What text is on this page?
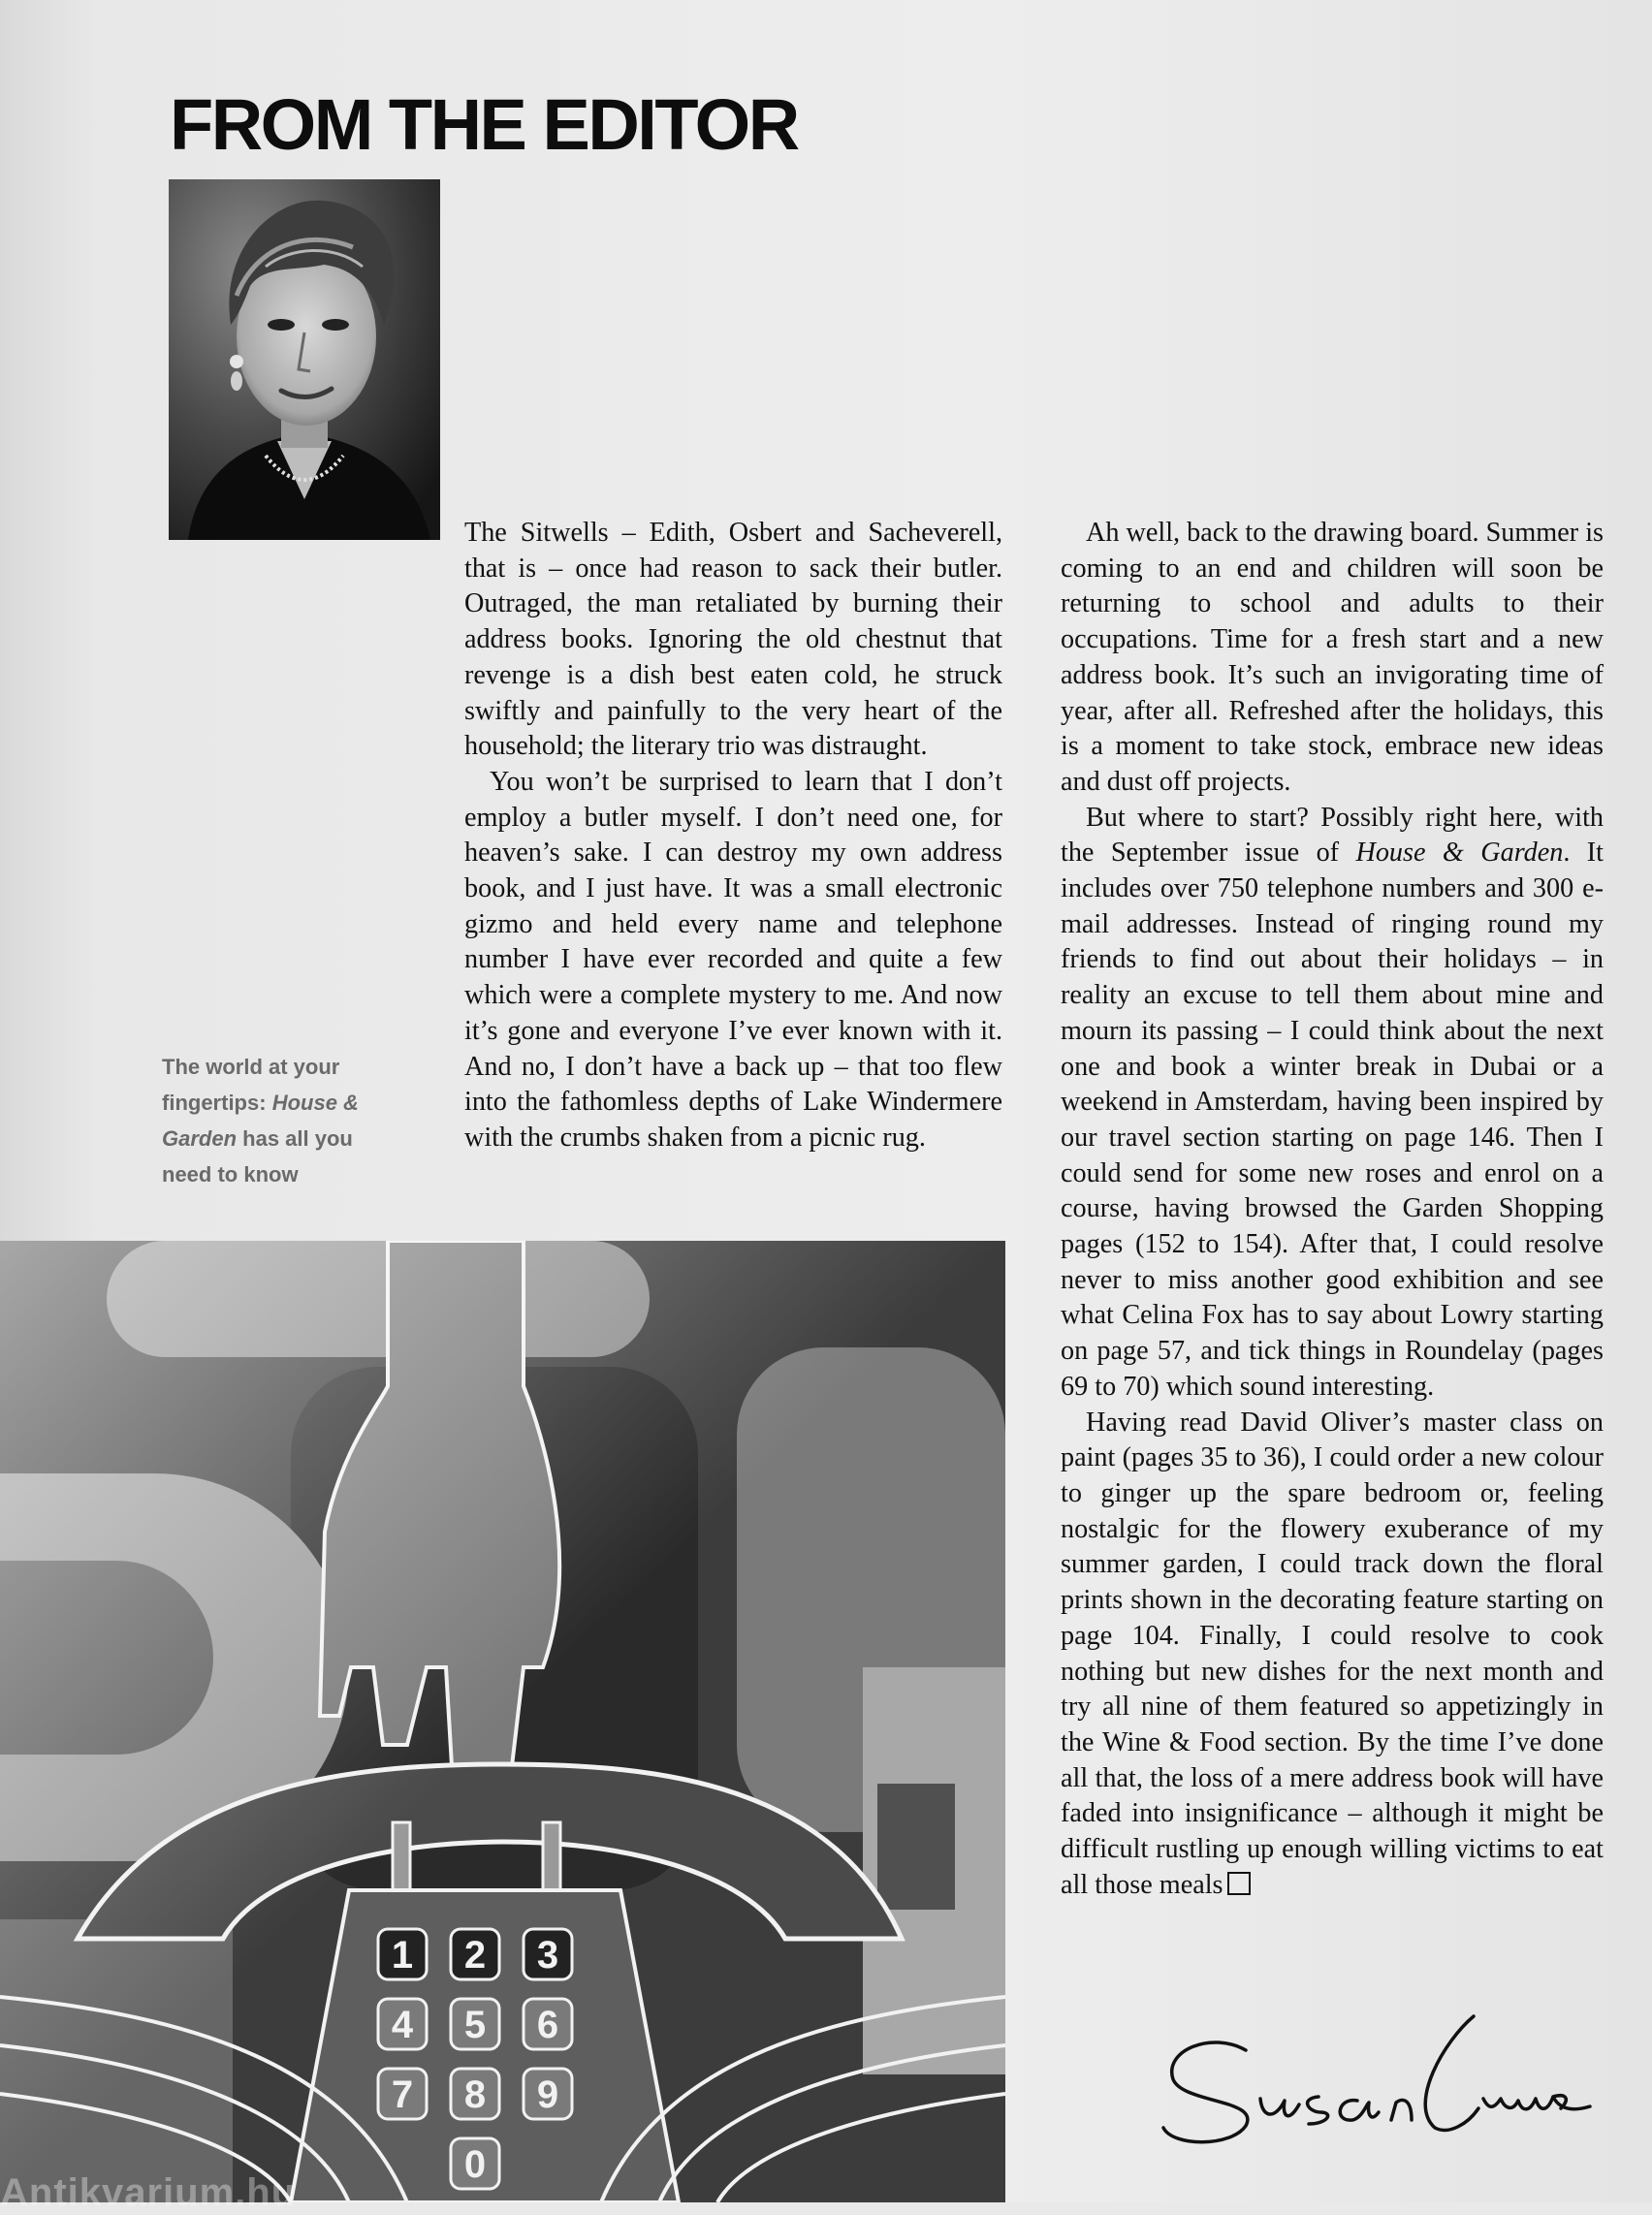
FROM THE EDITOR

The world at your fingertips: House & Garden has all you need to know

The Sitwells – Edith, Osbert and Sacheverell, that is – once had reason to sack their butler. Outraged, the man retaliated by burning their address books. Ignoring the old chestnut that revenge is a dish best eaten cold, he struck swiftly and painfully to the very heart of the household; the literary trio was distraught.

You won’t be surprised to learn that I don’t employ a butler myself. I don’t need one, for heaven’s sake. I can destroy my own address book, and I just have. It was a small electronic gizmo and held every name and telephone number I have ever recorded and quite a few which were a complete mystery to me. And now it’s gone and everyone I’ve ever known with it. And no, I don’t have a back up – that too flew into the fathomless depths of Lake Windermere with the crumbs shaken from a picnic rug.

Ah well, back to the drawing board. Summer is coming to an end and children will soon be returning to school and adults to their occupations. Time for a fresh start and a new address book. It’s such an invigorating time of year, after all. Refreshed after the holidays, this is a moment to take stock, embrace new ideas and dust off projects.

But where to start? Possibly right here, with the September issue of House & Garden. It includes over 750 telephone numbers and 300 e-mail addresses. Instead of ringing round my friends to find out about their holidays – in reality an excuse to tell them about mine and mourn its passing – I could think about the next one and book a winter break in Dubai or a weekend in Amsterdam, having been inspired by our travel section starting on page 146. Then I could send for some new roses and enrol on a course, having browsed the Garden Shopping pages (152 to 154). After that, I could resolve never to miss another good exhibition and see what Celina Fox has to say about Lowry starting on page 57, and tick things in Roundelay (pages 69 to 70) which sound interesting.

Having read David Oliver’s master class on paint (pages 35 to 36), I could order a new colour to ginger up the spare bedroom or, feeling nostalgic for the flowery exuberance of my summer garden, I could track down the floral prints shown in the decorating feature starting on page 104. Finally, I could resolve to cook nothing but new dishes for the next month and try all nine of them featured so appetizingly in the Wine & Food section. By the time I’ve done all that, the loss of a mere address book will have faded into insignificance – although it might be difficult rustling up enough willing victims to eat all those meals

Antikvarium.hu
